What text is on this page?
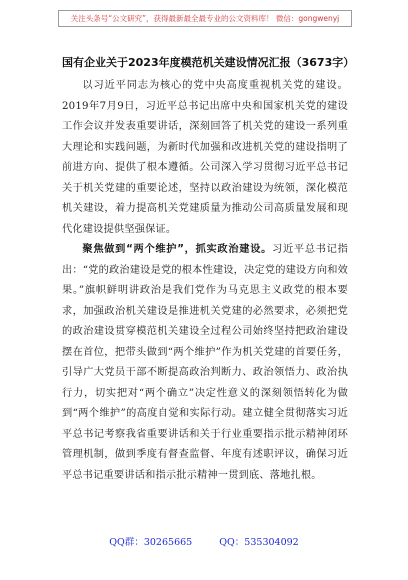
关注头条号“公文研究”，获得最新最全最专业的公文资料库！ 微信：gongwenyj
国有企业关于2023年度模范机关建设情况汇报（3673字）

以习近平同志为核心的党中央高度重视机关党的建设。2019年7月9日，习近平总书记出席中央和国家机关党的建设工作会议并发表重要讲话，深刻回答了机关党的建设一系列重大理论和实践问题，为新时代加强和改进机关党的建设指明了前进方向、提供了根本遵循。公司深入学习贯彻习近平总书记关于机关党建的重要论述，坚持以政治建设为统领，深化模范机关建设，着力提高机关党建质量为推动公司高质量发展和现代化建设提供坚强保证。

聚焦做到“两个维护”，抓实政治建设。习近平总书记指出：“党的政治建设是党的根本性建设，决定党的建设方向和效果。”旗帜鲜明讲政治是我们党作为马克思主义政党的根本要求，加强政治机关建设是推进机关党建的必然要求，必须把党的政治建设贯穿模范机关建设全过程公司始终坚持把政治建设摆在首位，把带头做到“两个维护”作为机关党建的首要任务，引导广大党员干部不断提高政治判断力、政治领悟力、政治执行力，切实把对“两个确立”决定性意义的深刻领悟转化为做到“两个维护”的高度自觉和实际行动。建立健全贯彻落实习近平总书记考察我省重要讲话和关于行业重要指示批示精神闭环管理机制，做到季度有督查监督、年度有述职评议，确保习近平总书记重要讲话和指示批示精神一贯到底、落地扎根。

QQ群：30265665	QQ：535304092
